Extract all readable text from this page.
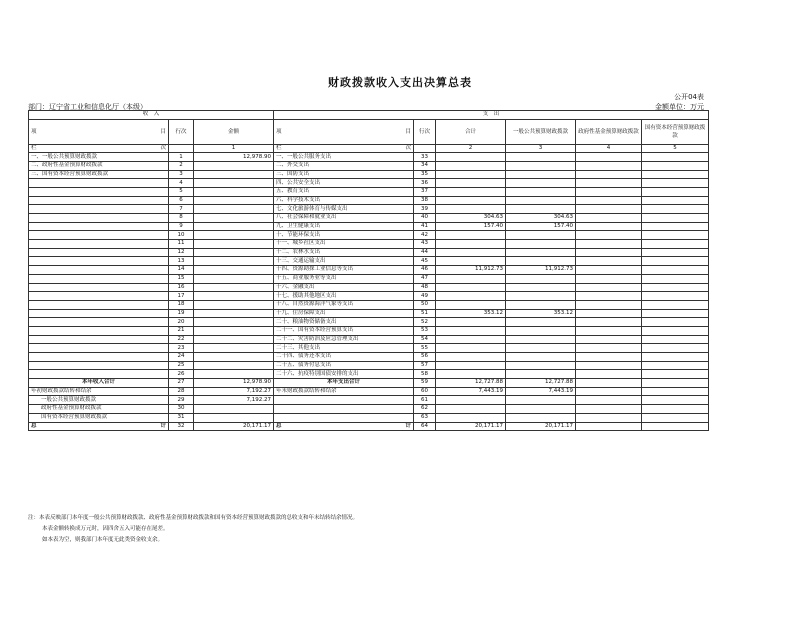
财政拨款收入支出决算总表
公开04表
部门：辽宁省工业和信息化厅（本级）	金额单位：万元
收　入			支　出					

项 目	行次	金额	项 目	行次	合计	一般公共预算财政拨款	政府性基金预算财政拨款	国有资本经营预算财政拨款

栏 次		1	栏 次		2	3	4	5
一、一般公共预算财政拨款	1	12,978.90	一、一般公共服务支出	33				
二、政府性基金预算财政拨款	2		二、外交支出	34				
三、国有资本经营预算财政拨款	3		三、国防支出	35				
	4		四、公共安全支出	36				
	5		五、教育支出	37				
	6		六、科学技术支出	38				
	7		七、文化旅游体育与传媒支出	39				
	8		八、社会保障和就业支出	40	304.63	304.63		
	9		九、卫生健康支出	41	157.40	157.40		
	10		十、节能环保支出	42				
	11		十一、城乡社区支出	43				
	12		十二、农林水支出	44				
	13		十三、交通运输支出	45				
	14		十四、资源勘探工业信息等支出	46	11,912.73	11,912.73		
	15		十五、商业服务业等支出	47				
	16		十六、金融支出	48				
	17		十七、援助其他地区支出	49				
	18		十八、自然资源海洋气象等支出	50				
	19		十九、住房保障支出	51	353.12	353.12		
	20		二十、粮油物资储备支出	52				
	21		二十一、国有资本经营预算支出	53				
	22		二十二、灾害防治及应急管理支出	54				
	23		二十三、其他支出	55				
	24		二十四、债务还本支出	56				
	25		二十五、债务付息支出	57				
	26		二十六、抗疫特别国债安排的支出	58				
本年收入合计	27	12,978.90	本年支出合计	59	12,727.88	12,727.88		
年初财政拨款结转和结余	28	7,192.27	年末财政拨款结转和结余	60	7,443.19	7,443.19		
一般公共预算财政拨款	29	7,192.27		61				
政府性基金预算财政拨款	30			62				
国有资本经营预算财政拨款	31			63				

总 计	32	20,171.17	总 计	64	20,171.17	20,171.17		
注：本表反映部门本年度一般公共预算财政拨款、政府性基金预算财政拨款和国有资本经营预算财政拨款的总收支和年末结转结余情况。
本表金额转换成万元时，因四舍五入可能存在尾差。
如本表为空，则我部门本年度无此类资金收支余。
